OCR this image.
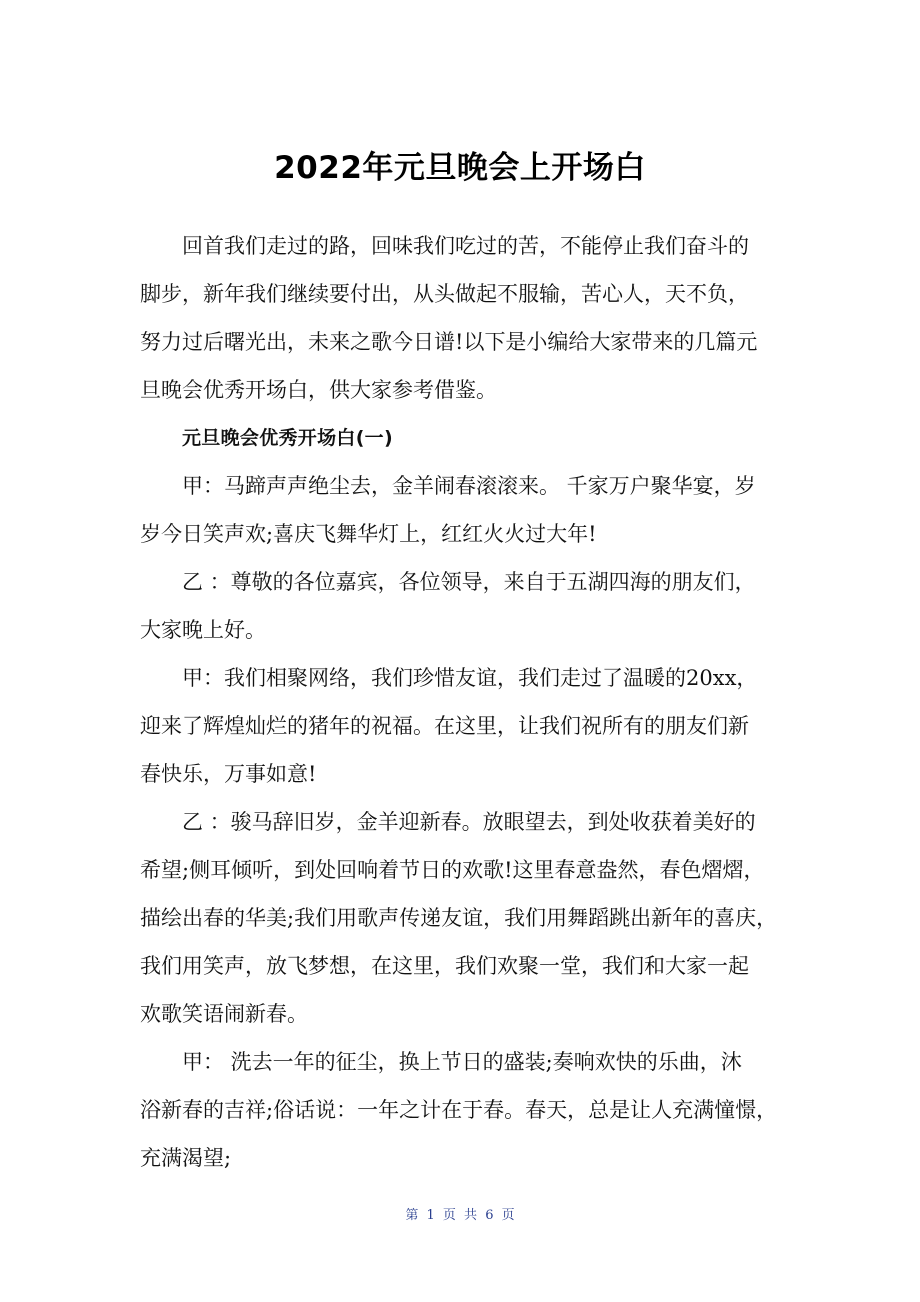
2022年元旦晚会上开场白
回首我们走过的路，回味我们吃过的苦，不能停止我们奋斗的
脚步，新年我们继续要付出，从头做起不服输，苦心人，天不负，
努力过后曙光出，未来之歌今日谱!以下是小编给大家带来的几篇元
旦晚会优秀开场白，供大家参考借鉴。
元旦晚会优秀开场白(一)
甲：马蹄声声绝尘去，金羊闹春滚滚来。 千家万户聚华宴，岁
岁今日笑声欢;喜庆飞舞华灯上，红红火火过大年!
乙 ：尊敬的各位嘉宾，各位领导，来自于五湖四海的朋友们，
大家晚上好。
甲：我们相聚网络，我们珍惜友谊，我们走过了温暖的20xx，
迎来了辉煌灿烂的猪年的祝福。在这里，让我们祝所有的朋友们新
春快乐，万事如意!
乙 ：骏马辞旧岁，金羊迎新春。放眼望去，到处收获着美好的
希望;侧耳倾听，到处回响着节日的欢歌!这里春意盎然，春色熠熠，
描绘出春的华美;我们用歌声传递友谊，我们用舞蹈跳出新年的喜庆，
我们用笑声，放飞梦想，在这里，我们欢聚一堂，我们和大家一起
欢歌笑语闹新春。
甲： 洗去一年的征尘，换上节日的盛装;奏响欢快的乐曲，沐
浴新春的吉祥;俗话说：一年之计在于春。春天，总是让人充满憧憬，
充满渴望;
第 1 页 共 6 页
